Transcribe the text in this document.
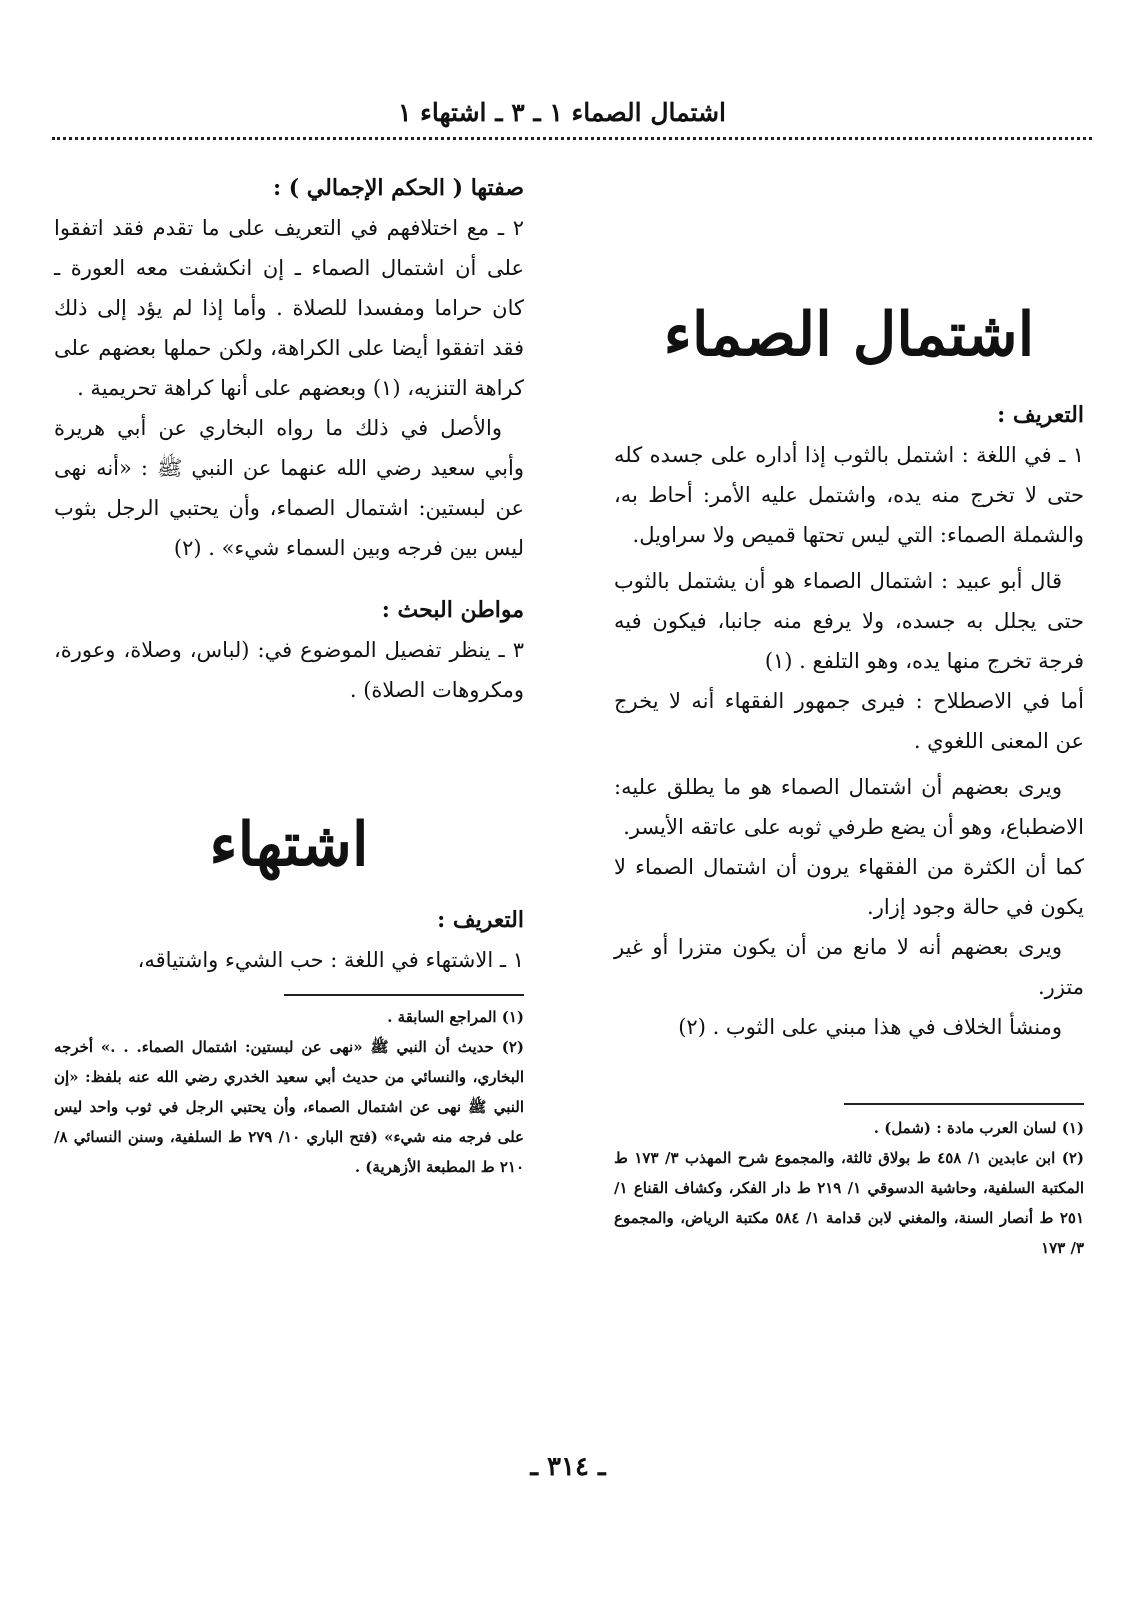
اشتمال الصماء ١ ـ ٣ ـ اشتهاء ١

اشتمال الصماء

التعريف :

١ ـ في اللغة : اشتمل بالثوب إذا أداره على جسده كله حتى لا تخرج منه يده، واشتمل عليه الأمر: أحاط به، والشملة الصماء: التي ليس تحتها قميص ولا سراويل.

قال أبو عبيد : اشتمال الصماء هو أن يشتمل بالثوب حتى يجلل به جسده، ولا يرفع منه جانبا، فيكون فيه فرجة تخرج منها يده، وهو التلفع . (١)

أما في الاصطلاح : فيرى جمهور الفقهاء أنه لا يخرج عن المعنى اللغوي .

ويرى بعضهم أن اشتمال الصماء هو ما يطلق عليه: الاضطباع، وهو أن يضع طرفي ثوبه على عاتقه الأيسر.

كما أن الكثرة من الفقهاء يرون أن اشتمال الصماء لا يكون في حالة وجود إزار.

ويرى بعضهم أنه لا مانع من أن يكون متزرا أو غير متزر.

ومنشأ الخلاف في هذا مبني على الثوب . (٢)

(١) لسان العرب مادة : (شمل) .

(٢) ابن عابدين ١/ ٤٥٨ ط بولاق ثالثة، والمجموع شرح المهذب ٣/ ١٧٣ ط المكتبة السلفية، وحاشية الدسوقي ١/ ٢١٩ ط دار الفكر، وكشاف القناع ١/ ٢٥١ ط أنصار السنة، والمغني لابن قدامة ١/ ٥٨٤ مكتبة الرياض، والمجموع ٣/ ١٧٣

صفتها ( الحكم الإجمالي ) :

٢ ـ مع اختلافهم في التعريف على ما تقدم فقد اتفقوا على أن اشتمال الصماء ـ إن انكشفت معه العورة ـ كان حراما ومفسدا للصلاة . وأما إذا لم يؤد إلى ذلك فقد اتفقوا أيضا على الكراهة، ولكن حملها بعضهم على كراهة التنزيه، (١) وبعضهم على أنها كراهة تحريمية .

والأصل في ذلك ما رواه البخاري عن أبي هريرة وأبي سعيد رضي الله عنهما عن النبي ﷺ : «أنه نهى عن لبستين: اشتمال الصماء، وأن يحتبي الرجل بثوب ليس بين فرجه وبين السماء شيء» . (٢)

مواطن البحث :

٣ ـ ينظر تفصيل الموضوع في: (لباس، وصلاة، وعورة، ومكروهات الصلاة) .

اشتهاء

التعريف :

١ ـ الاشتهاء في اللغة : حب الشيء واشتياقه،

(١) المراجع السابقة .

(٢) حديث أن النبي ﷺ «نهى عن لبستين: اشتمال الصماء. . .» أخرجه البخاري، والنسائي من حديث أبي سعيد الخدري رضي الله عنه بلفظ: «إن النبي ﷺ نهى عن اشتمال الصماء، وأن يحتبي الرجل في ثوب واحد ليس على فرجه منه شيء» (فتح الباري ١٠/ ٢٧٩ ط السلفية، وسنن النسائي ٨/ ٢١٠ ط المطبعة الأزهرية) .

ـ ٣١٤ ـ
